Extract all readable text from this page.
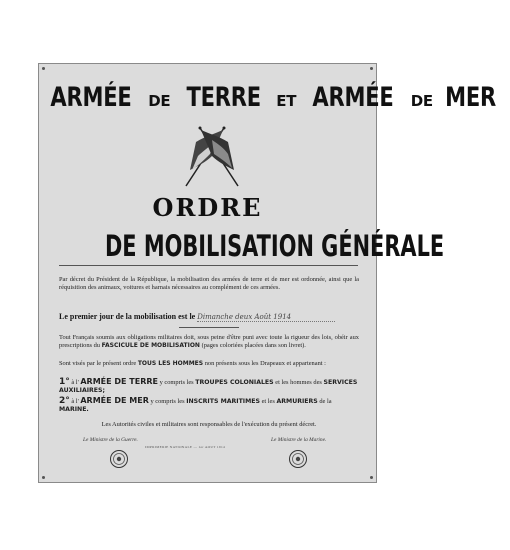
ARMÉE DE TERRE ET ARMÉE DE MER
ORDRE
DE MOBILISATION GÉNÉRALE
Par décret du Président de la République, la mobilisation des armées de terre et de mer est ordonnée, ainsi que la réquisition des animaux, voitures et harnais nécessaires au complément de ces armées.
Le premier jour de la mobilisation est le Dimanche deux Août 1914
Tout Français soumis aux obligations militaires doit, sous peine d'être puni avec toute la rigueur des lois, obéir aux prescriptions du FASCICULE DE MOBILISATION (pages coloriées placées dans son livret).
Sont visés par le présent ordre TOUS LES HOMMES non présents sous les Drapeaux et appartenant :
1° à l' ARMÉE DE TERRE y compris les TROUPES COLONIALES et les hommes des SERVICES AUXILIAIRES;
2° à l' ARMÉE DE MER y compris les INSCRITS MARITIMES et les ARMURIERS de la MARINE.
Les Autorités civiles et militaires sont responsables de l'exécution du présent décret.
Le Ministre de la Guerre.	Le Ministre de la Marine.
IMPRIMERIE NATIONALE — 1er AOUT 1914
